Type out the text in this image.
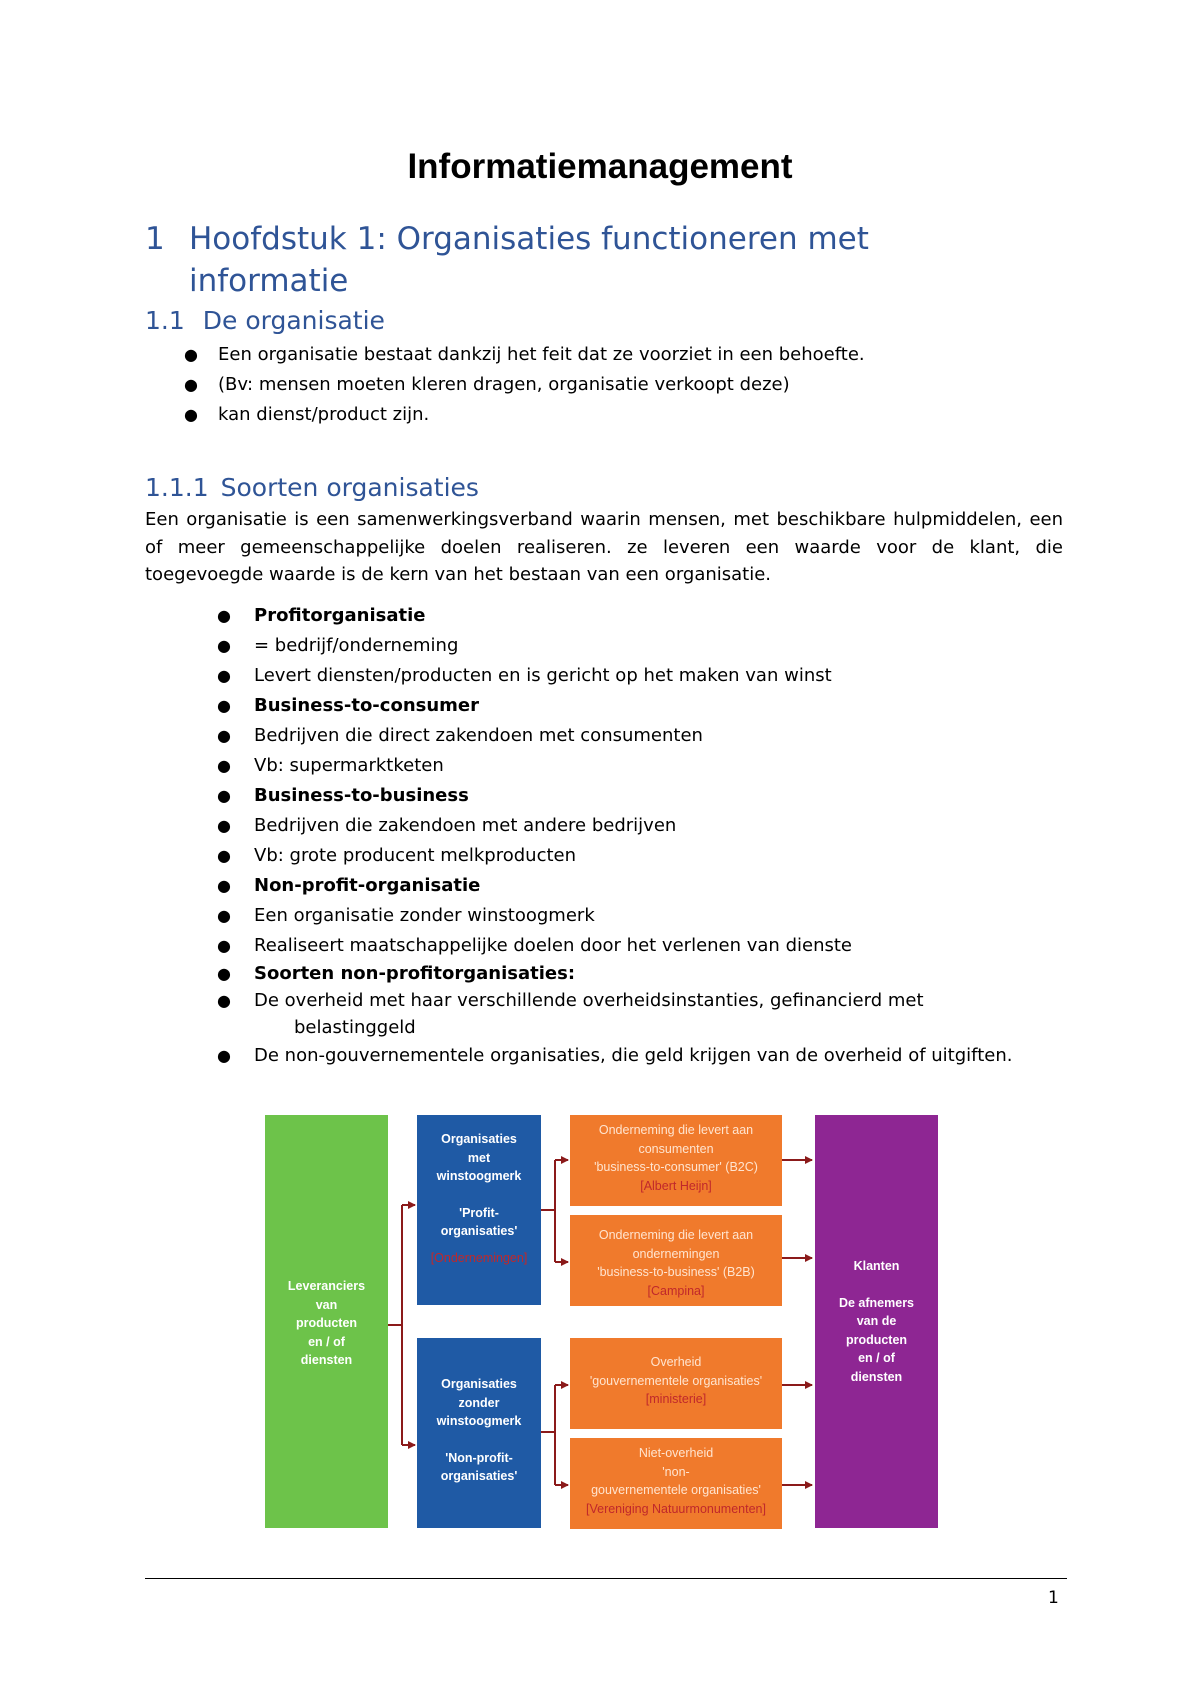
Informatiemanagement
1 Hoofdstuk 1: Organisaties functioneren met informatie
1.1 De organisatie
● Een organisatie bestaat dankzij het feit dat ze voorziet in een behoefte.
● (Bv: mensen moeten kleren dragen, organisatie verkoopt deze)
● kan dienst/product zijn.
1.1.1 Soorten organisaties
Een organisatie is een samenwerkingsverband waarin mensen, met beschikbare hulpmiddelen, een of meer gemeenschappelijke doelen realiseren. ze leveren een waarde voor de klant, die toegevoegde waarde is de kern van het bestaan van een organisatie.
● Profitorganisatie
● = bedrijf/onderneming
● Levert diensten/producten en is gericht op het maken van winst
● Business-to-consumer
● Bedrijven die direct zakendoen met consumenten
● Vb: supermarktketen
● Business-to-business
● Bedrijven die zakendoen met andere bedrijven
● Vb: grote producent melkproducten
● Non-profit-organisatie
● Een organisatie zonder winstoogmerk
● Realiseert maatschappelijke doelen door het verlenen van dienste
● Soorten non-profitorganisaties:
● De overheid met haar verschillende overheidsinstanties, gefinancierd met
belastinggeld
● De non-gouvernementele organisaties, die geld krijgen van de overheid of uitgiften.
Leveranciers
van
producten
en / of
diensten
Organisaties
met
winstoogmerk
'Profit-
organisaties'
[Ondernemingen]
Organisaties
zonder
winstoogmerk
'Non-profit-
organisaties'
Onderneming die levert aan
consumenten
'business-to-consumer' (B2C)
[Albert Heijn]
Onderneming die levert aan
ondernemingen
'business-to-business' (B2B)
[Campina]
Overheid
'gouvernementele organisaties'
[ministerie]
Niet-overheid
'non-
gouvernementele organisaties'
[Vereniging Natuurmonumenten]
Klanten
De afnemers
van de
producten
en / of
diensten
1
